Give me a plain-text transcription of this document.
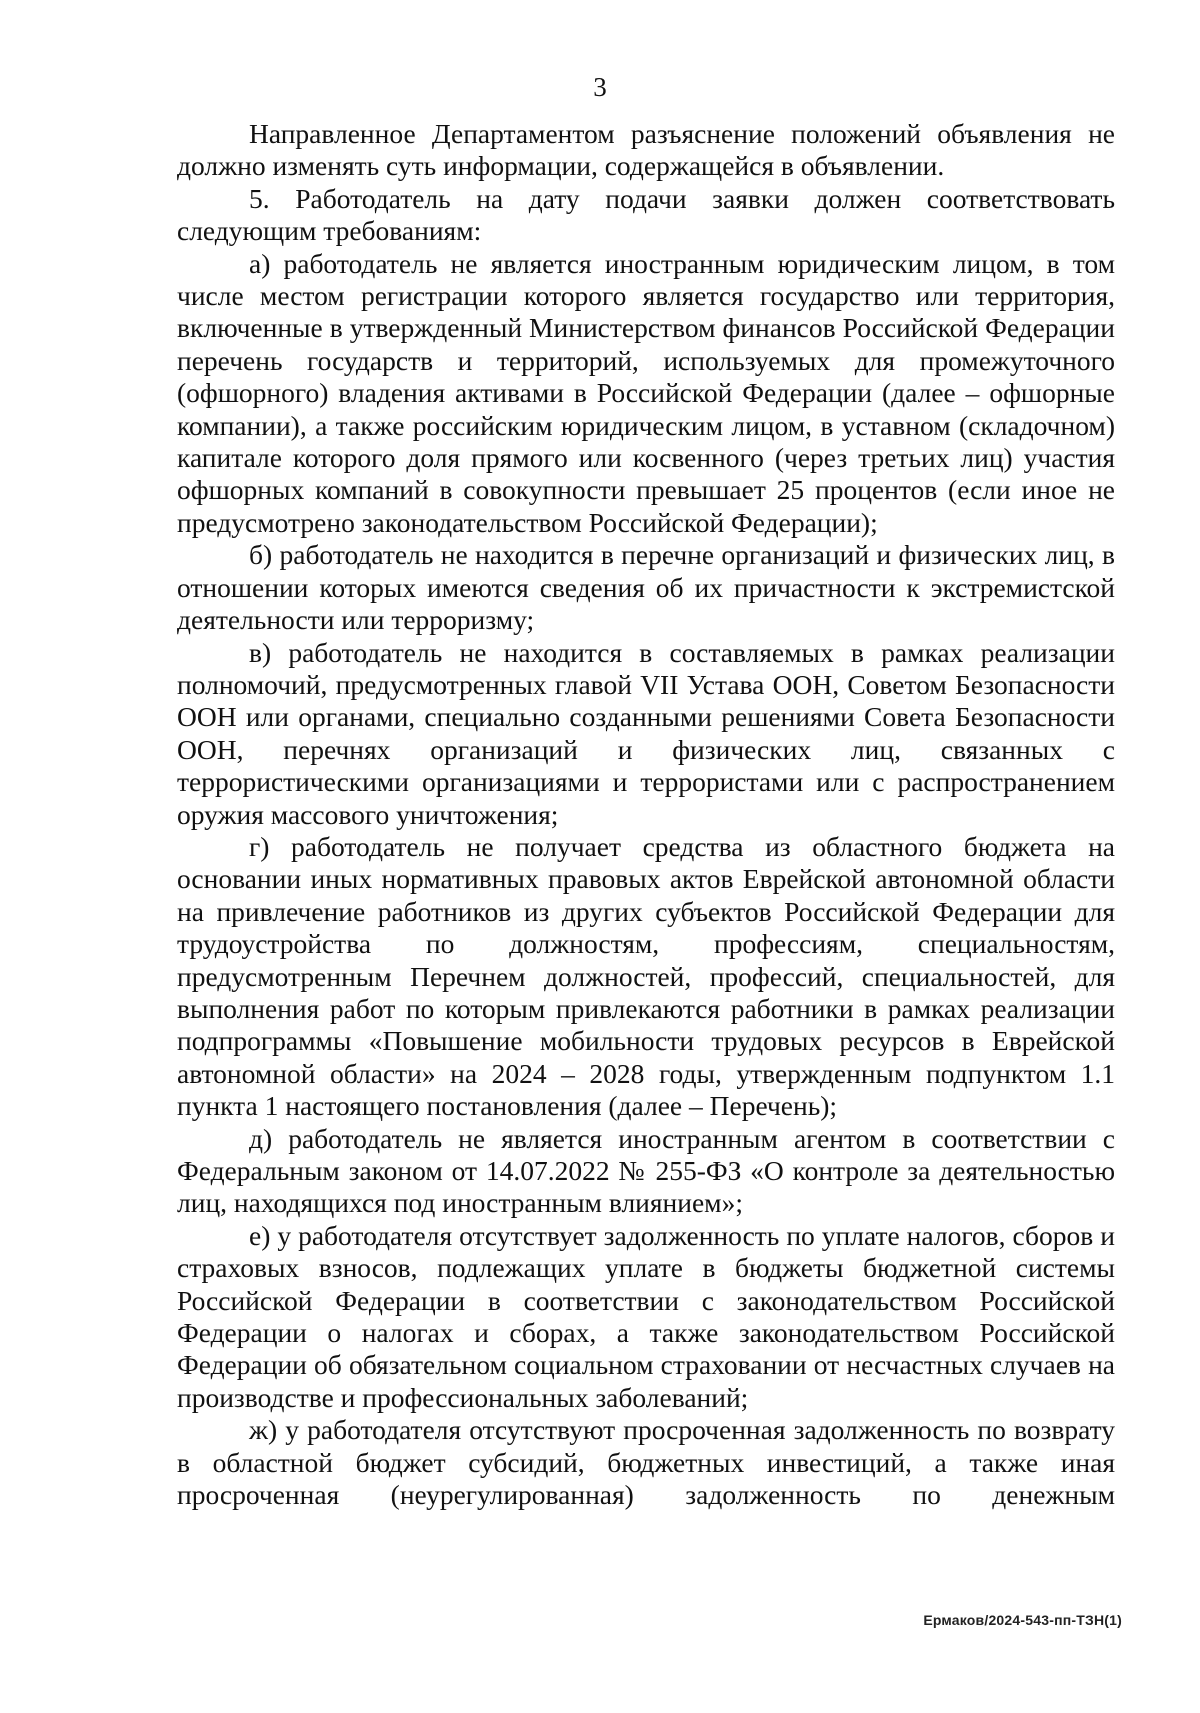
3

Направленное Департаментом разъяснение положений объявления не должно изменять суть информации, содержащейся в объявлении.

5. Работодатель на дату подачи заявки должен соответствовать следующим требованиям:

а) работодатель не является иностранным юридическим лицом, в том числе местом регистрации которого является государство или территория, включенные в утвержденный Министерством финансов Российской Федерации перечень государств и территорий, используемых для промежуточного (офшорного) владения активами в Российской Федерации (далее – офшорные компании), а также российским юридическим лицом, в уставном (складочном) капитале которого доля прямого или косвенного (через третьих лиц) участия офшорных компаний в совокупности превышает 25 процентов (если иное не предусмотрено законодательством Российской Федерации);

б) работодатель не находится в перечне организаций и физических лиц, в отношении которых имеются сведения об их причастности к экстремистской деятельности или терроризму;

в) работодатель не находится в составляемых в рамках реализации полномочий, предусмотренных главой VII Устава ООН, Советом Безопасности ООН или органами, специально созданными решениями Совета Безопасности ООН, перечнях организаций и физических лиц, связанных с террористическими организациями и террористами или с распространением оружия массового уничтожения;

г) работодатель не получает средства из областного бюджета на основании иных нормативных правовых актов Еврейской автономной области на привлечение работников из других субъектов Российской Федерации для трудоустройства по должностям, профессиям, специальностям, предусмотренным Перечнем должностей, профессий, специальностей, для выполнения работ по которым привлекаются работники в рамках реализации подпрограммы «Повышение мобильности трудовых ресурсов в Еврейской автономной области» на 2024 – 2028 годы, утвержденным подпунктом 1.1 пункта 1 настоящего постановления (далее – Перечень);

д) работодатель не является иностранным агентом в соответствии с Федеральным законом от 14.07.2022 № 255-ФЗ «О контроле за деятельностью лиц, находящихся под иностранным влиянием»;

е) у работодателя отсутствует задолженность по уплате налогов, сборов и страховых взносов, подлежащих уплате в бюджеты бюджетной системы Российской Федерации в соответствии с законодательством Российской Федерации о налогах и сборах, а также законодательством Российской Федерации об обязательном социальном страховании от несчастных случаев на производстве и профессиональных заболеваний;

ж) у работодателя отсутствуют просроченная задолженность по возврату в областной бюджет субсидий, бюджетных инвестиций, а также иная просроченная (неурегулированная) задолженность по денежным

Ермаков/2024-543-пп-ТЗН(1)
